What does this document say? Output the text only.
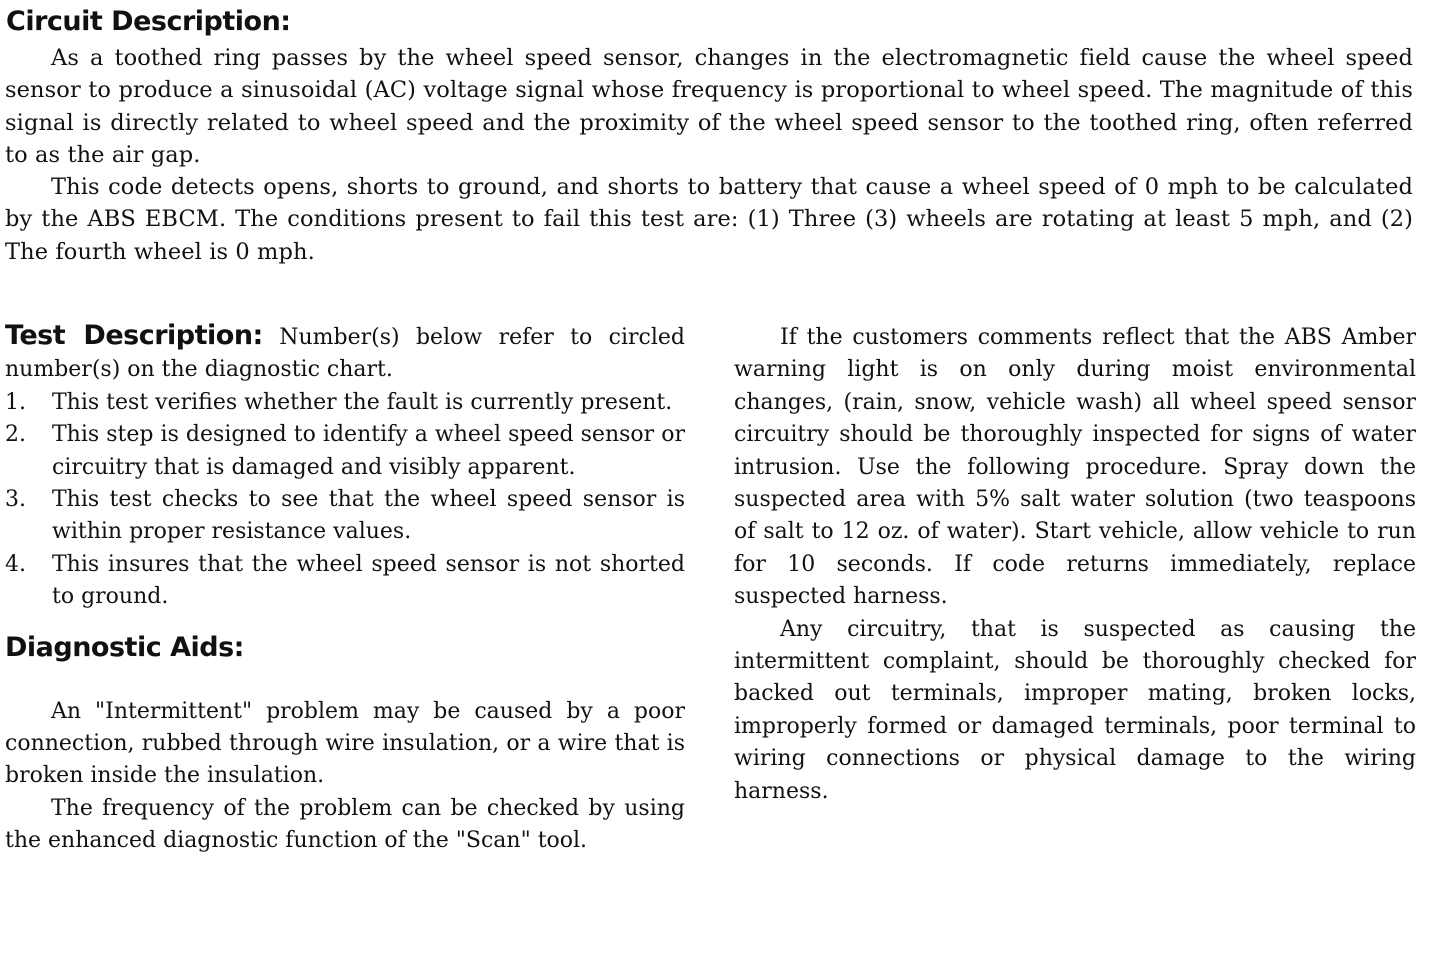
Circuit Description:

As a toothed ring passes by the wheel speed sensor, changes in the electromagnetic field cause the wheel speed sensor to produce a sinusoidal (AC) voltage signal whose frequency is proportional to wheel speed. The magnitude of this signal is directly related to wheel speed and the proximity of the wheel speed sensor to the toothed ring, often referred to as the air gap.

This code detects opens, shorts to ground, and shorts to battery that cause a wheel speed of 0 mph to be calculated by the ABS EBCM. The conditions present to fail this test are: (1) Three (3) wheels are rotating at least 5 mph, and (2) The fourth wheel is 0 mph.

Test Description: Number(s) below refer to circled number(s) on the diagnostic chart.

1. This test verifies whether the fault is currently present.
2. This step is designed to identify a wheel speed sensor or circuitry that is damaged and visibly apparent.
3. This test checks to see that the wheel speed sensor is within proper resistance values.
4. This insures that the wheel speed sensor is not shorted to ground.
Diagnostic Aids:

An "Intermittent" problem may be caused by a poor connection, rubbed through wire insulation, or a wire that is broken inside the insulation.

The frequency of the problem can be checked by using the enhanced diagnostic function of the "Scan" tool.

If the customers comments reflect that the ABS Amber warning light is on only during moist environmental changes, (rain, snow, vehicle wash) all wheel speed sensor circuitry should be thoroughly inspected for signs of water intrusion. Use the following procedure. Spray down the suspected area with 5% salt water solution (two teaspoons of salt to 12 oz. of water). Start vehicle, allow vehicle to run for 10 seconds. If code returns immediately, replace suspected harness.

Any circuitry, that is suspected as causing the intermittent complaint, should be thoroughly checked for backed out terminals, improper mating, broken locks, improperly formed or damaged terminals, poor terminal to wiring connections or physical damage to the wiring harness.
